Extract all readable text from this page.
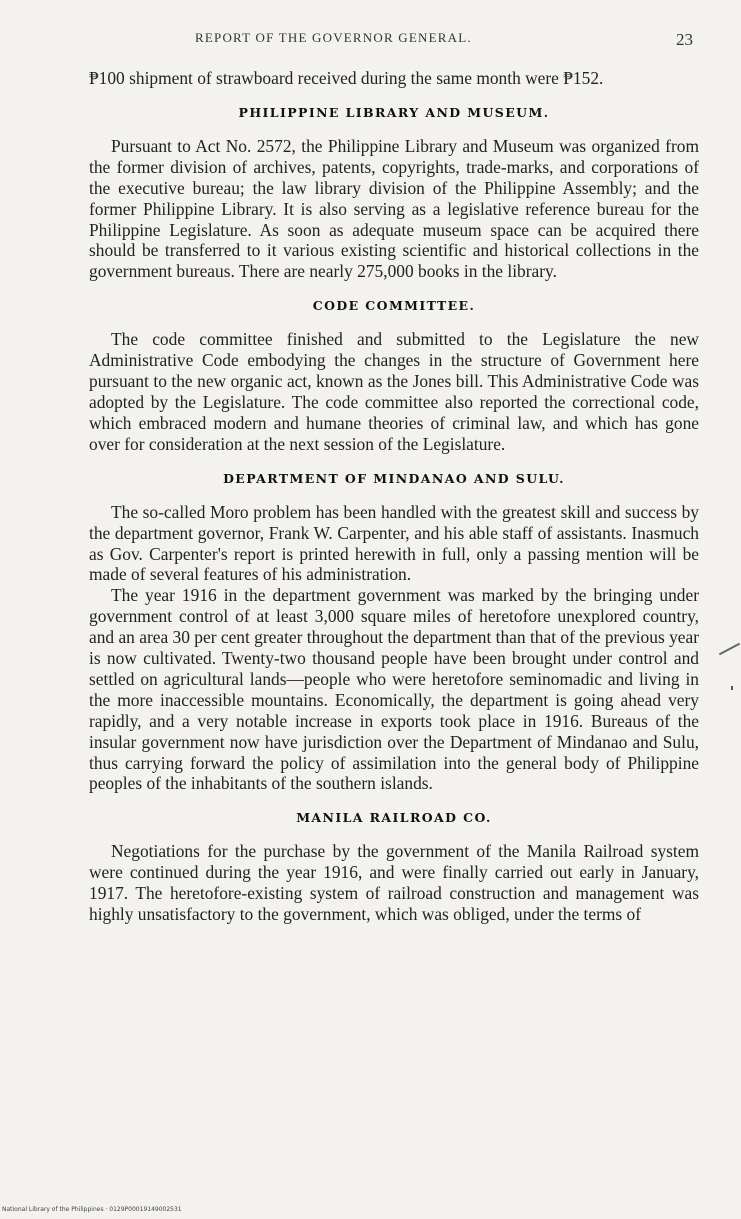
REPORT OF THE GOVERNOR GENERAL.	23

₱100 shipment of strawboard received during the same month were ₱152.

PHILIPPINE LIBRARY AND MUSEUM.

Pursuant to Act No. 2572, the Philippine Library and Museum was organized from the former division of archives, patents, copyrights, trade-marks, and corporations of the executive bureau; the law library division of the Philippine Assembly; and the former Philippine Library. It is also serving as a legislative reference bureau for the Philippine Legislature. As soon as adequate museum space can be acquired there should be transferred to it various existing scientific and historical collections in the government bureaus. There are nearly 275,000 books in the library.

CODE COMMITTEE.

The code committee finished and submitted to the Legislature the new Administrative Code embodying the changes in the structure of Government here pursuant to the new organic act, known as the Jones bill. This Administrative Code was adopted by the Legislature. The code committee also reported the correctional code, which embraced modern and humane theories of criminal law, and which has gone over for consideration at the next session of the Legislature.

DEPARTMENT OF MINDANAO AND SULU.

The so-called Moro problem has been handled with the greatest skill and success by the department governor, Frank W. Carpenter, and his able staff of assistants. Inasmuch as Gov. Carpenter's report is printed herewith in full, only a passing mention will be made of several features of his administration.

The year 1916 in the department government was marked by the bringing under government control of at least 3,000 square miles of heretofore unexplored country, and an area 30 per cent greater throughout the department than that of the previous year is now cultivated. Twenty-two thousand people have been brought under control and settled on agricultural lands—people who were heretofore seminomadic and living in the more inaccessible mountains. Economically, the department is going ahead very rapidly, and a very notable increase in exports took place in 1916. Bureaus of the insular government now have jurisdiction over the Department of Mindanao and Sulu, thus carrying forward the policy of assimilation into the general body of Philippine peoples of the inhabitants of the southern islands.

MANILA RAILROAD CO.

Negotiations for the purchase by the government of the Manila Railroad system were continued during the year 1916, and were finally carried out early in January, 1917. The heretofore-existing system of railroad construction and management was highly unsatisfactory to the government, which was obliged, under the terms of

National Library of the Philippines · 0129P00019149002531
